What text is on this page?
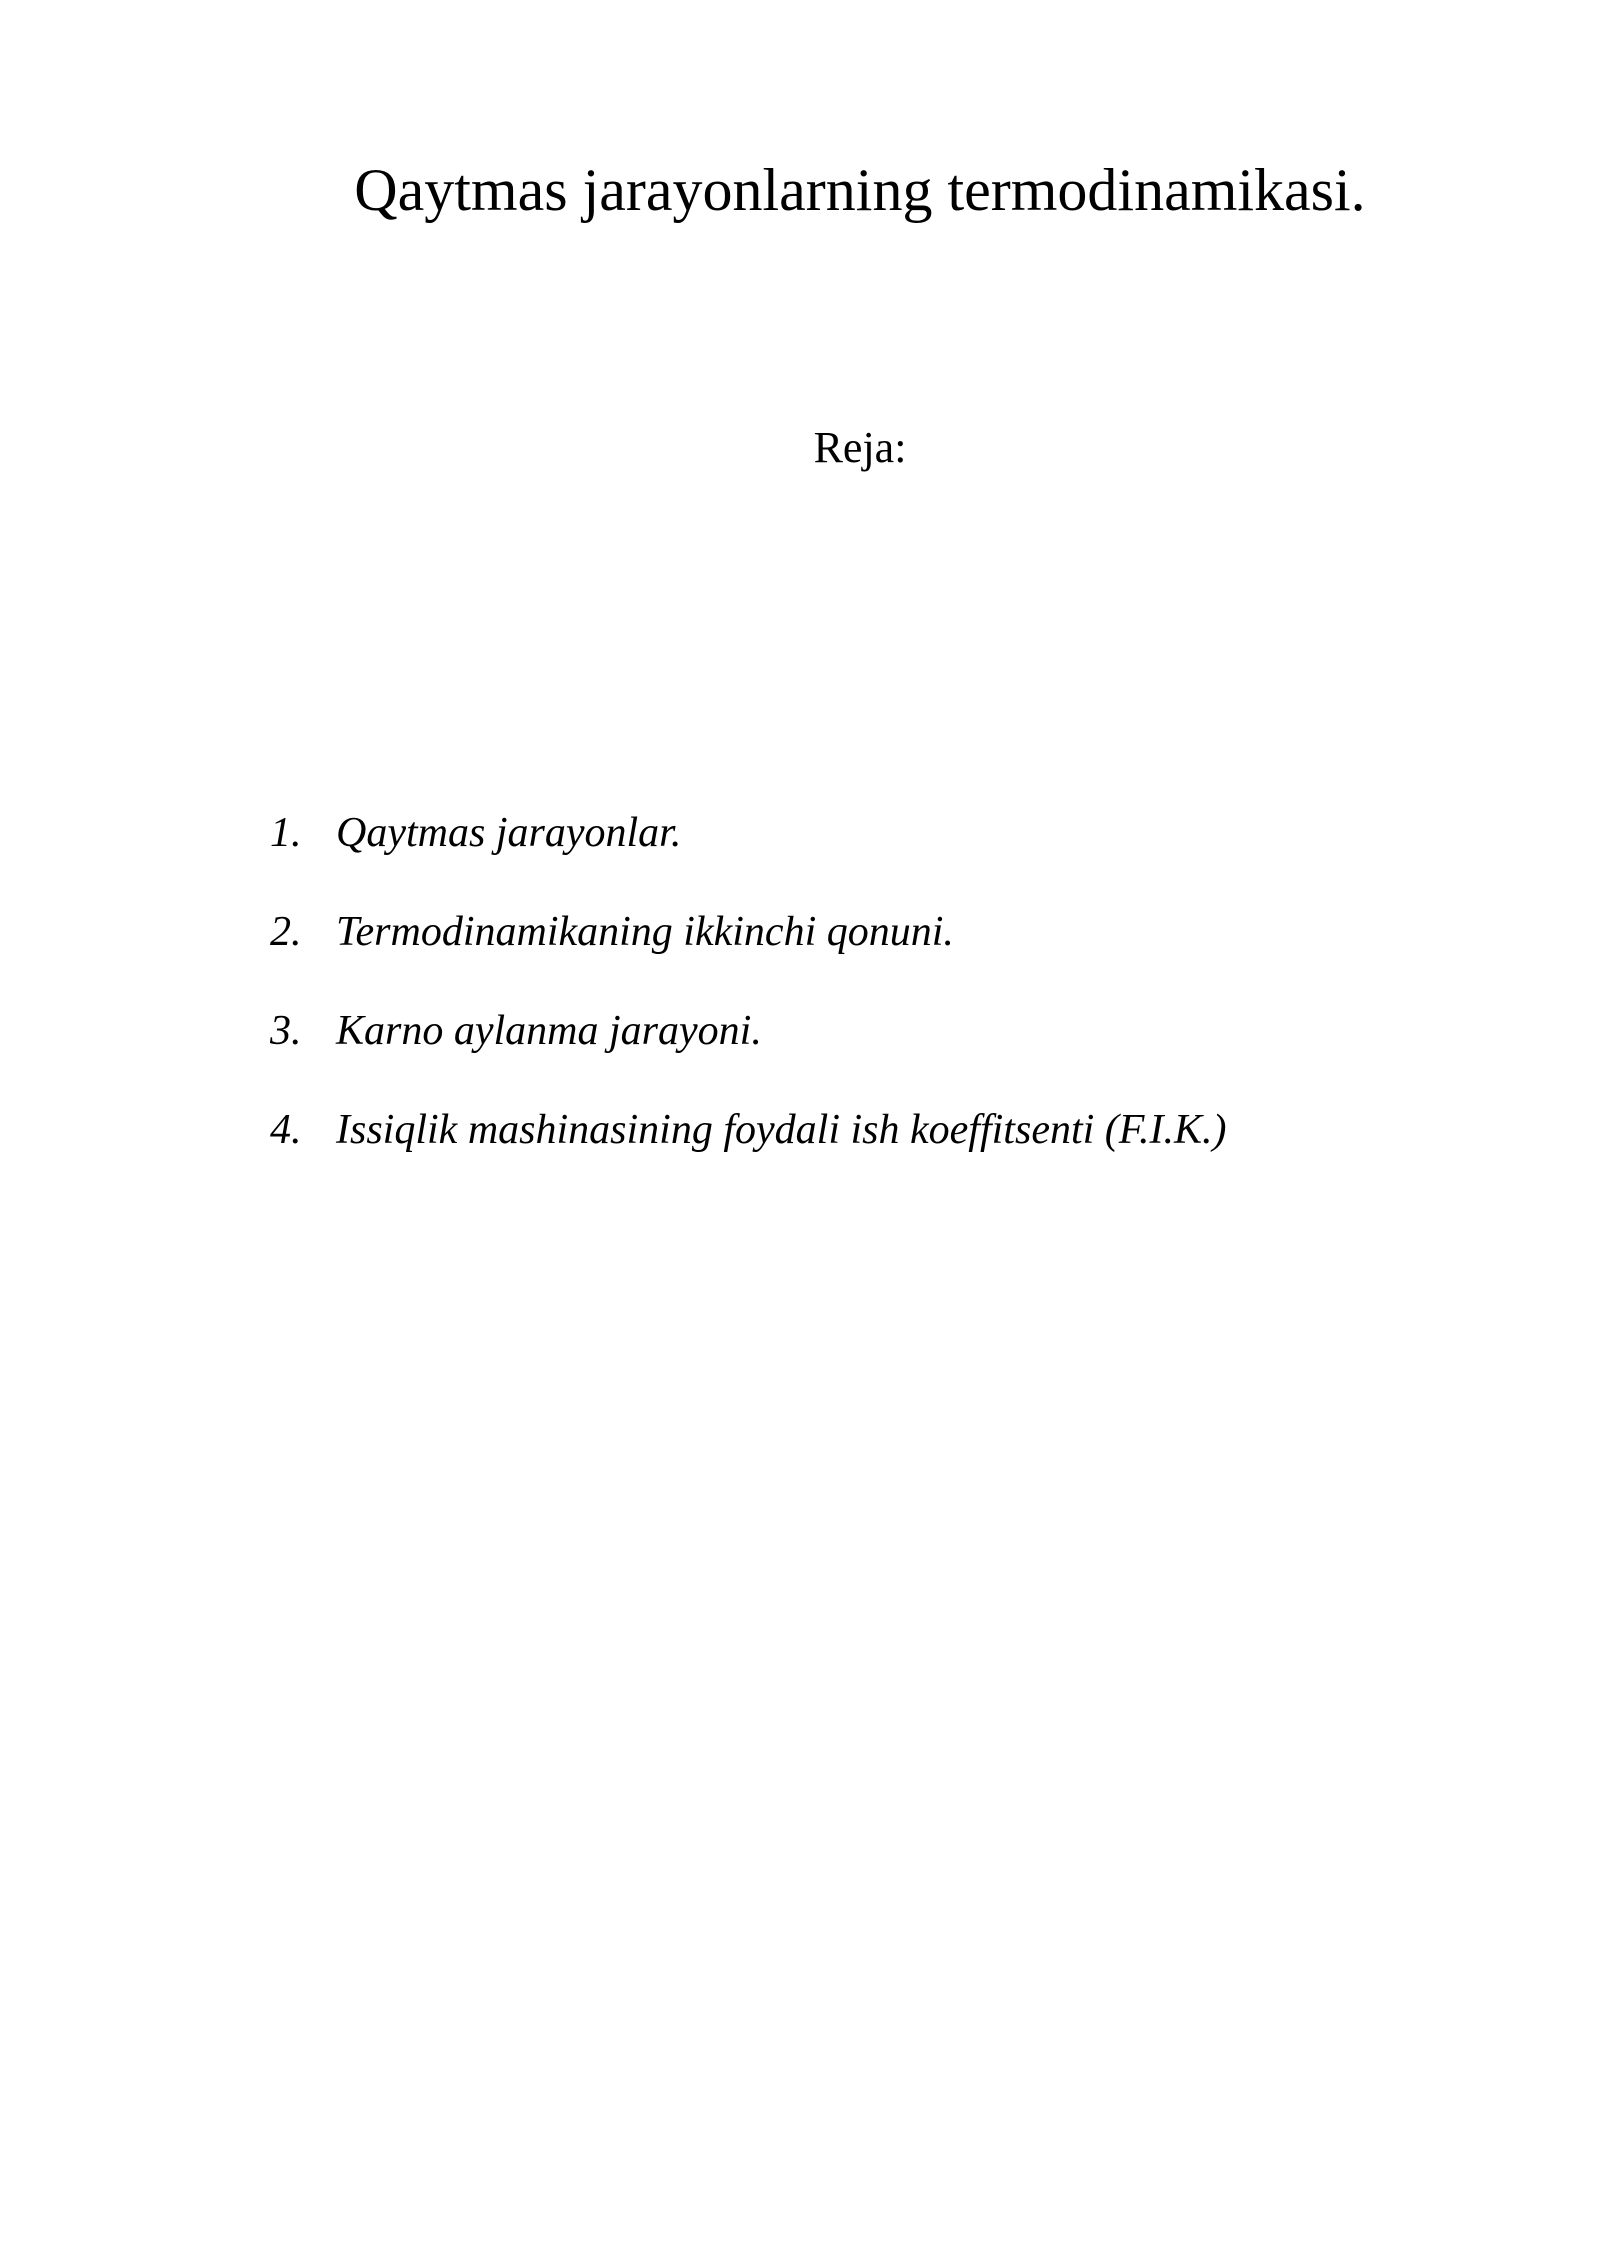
Qaytmas jarayonlarning termodinamikasi.
Reja:
1. Qaytmas jarayonlar.
2. Termodinamikaning ikkinchi qonuni.
3. Karno aylanma jarayoni.
4. Issiqlik mashinasining foydali ish koeffitsenti (F.I.K.)
